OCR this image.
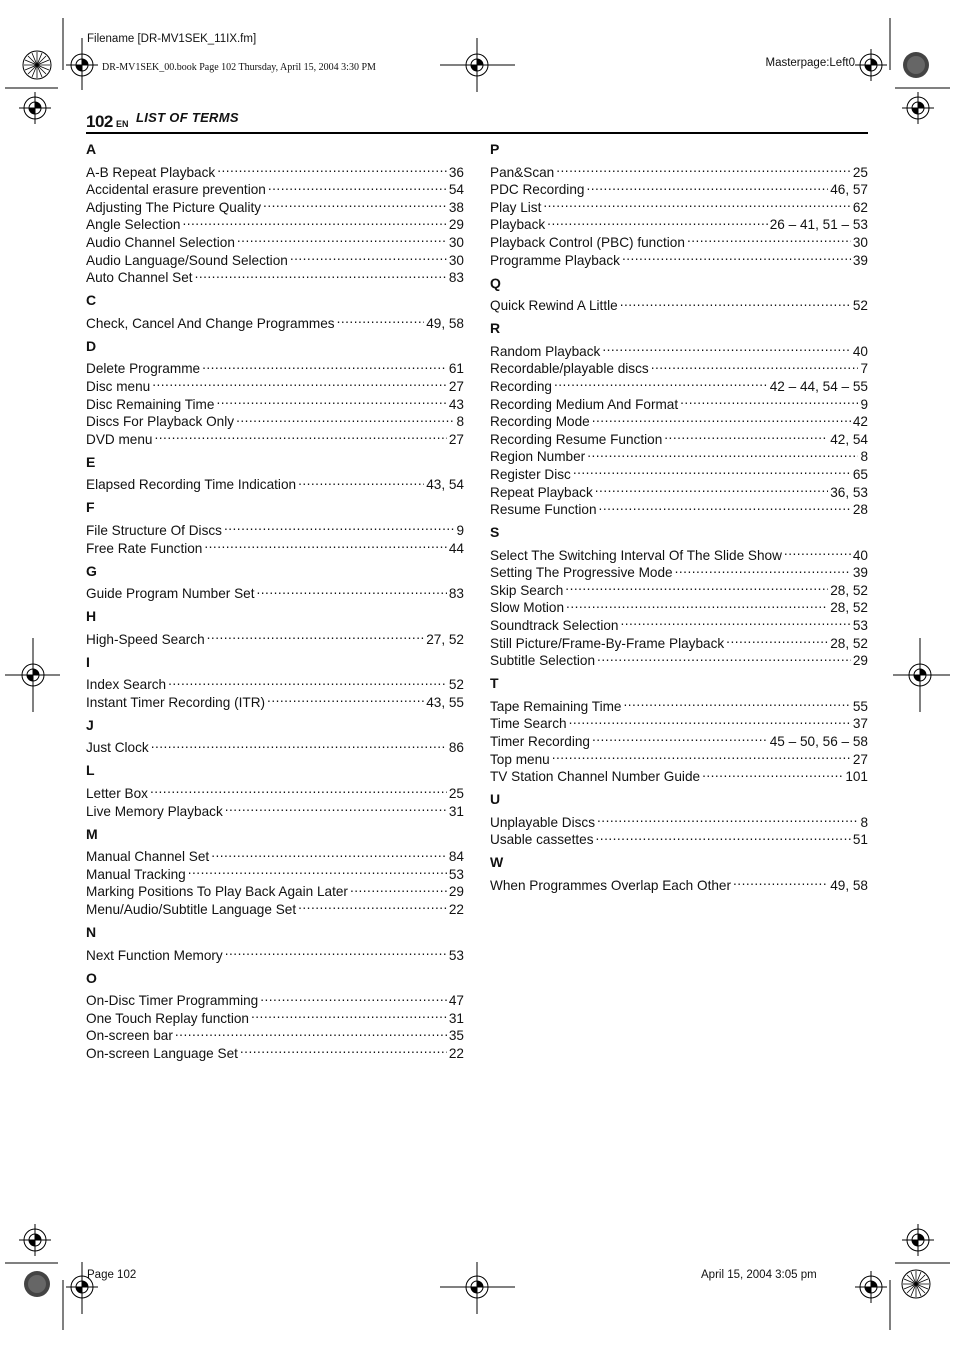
Filename [DR-MV1SEK_11IX.fm]
DR-MV1SEK_00.book Page 102 Thursday, April 15, 2004 3:30 PM	Masterpage:Left0
Page 102	April 15, 2004 3:05 pm
102 EN LIST OF TERMS
A
A-B Repeat Playback .....	36
Accidental erasure prevention .....	54
Adjusting The Picture Quality .....	38
Angle Selection .....	29
Audio Channel Selection .....	30
Audio Language/Sound Selection .....	30
Auto Channel Set .....	83
C
Check, Cancel And Change Programmes .....	49, 58
D
Delete Programme .....	61
Disc menu .....	27
Disc Remaining Time .....	43
Discs For Playback Only .....	8
DVD menu .....	27
E
Elapsed Recording Time Indication .....	43, 54
F
File Structure Of Discs .....	9
Free Rate Function .....	44
G
Guide Program Number Set .....	83
H
High-Speed Search .....	27, 52
I
Index Search .....	52
Instant Timer Recording (ITR) .....	43, 55
J
Just Clock .....	86
L
Letter Box .....	25
Live Memory Playback .....	31
M
Manual Channel Set .....	84
Manual Tracking .....	53
Marking Positions To Play Back Again Later .....	29
Menu/Audio/Subtitle Language Set .....	22
N
Next Function Memory .....	53
O
On-Disc Timer Programming .....	47
One Touch Replay function .....	31
On-screen bar .....	35
On-screen Language Set .....	22
P
Pan&Scan .....	25
PDC Recording .....	46, 57
Play List .....	62
Playback .....	26 – 41, 51 – 53
Playback Control (PBC) function .....	30
Programme Playback .....	39
Q
Quick Rewind A Little .....	52
R
Random Playback .....	40
Recordable/playable discs .....	7
Recording .....	42 – 44, 54 – 55
Recording Medium And Format .....	9
Recording Mode .....	42
Recording Resume Function .....	42, 54
Region Number .....	8
Register Disc .....	65
Repeat Playback .....	36, 53
Resume Function .....	28
S
Select The Switching Interval Of The Slide Show .....	40
Setting The Progressive Mode .....	39
Skip Search .....	28, 52
Slow Motion .....	28, 52
Soundtrack Selection .....	53
Still Picture/Frame-By-Frame Playback .....	28, 52
Subtitle Selection .....	29
T
Tape Remaining Time .....	55
Time Search .....	37
Timer Recording .....	45 – 50, 56 – 58
Top menu .....	27
TV Station Channel Number Guide .....	101
U
Unplayable Discs .....	8
Usable cassettes .....	51
W
When Programmes Overlap Each Other .....	49, 58
